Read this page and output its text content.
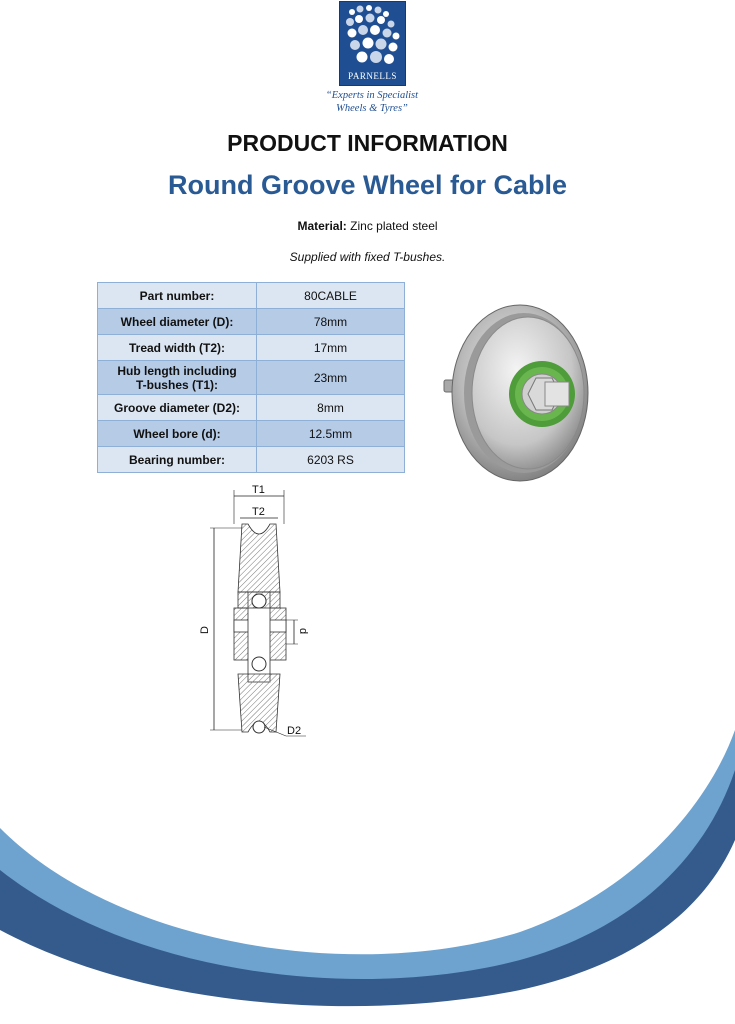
PARNELLS
“Experts in Specialist
Wheels & Tyres”
PRODUCT INFORMATION
Round Groove Wheel for Cable
Material: Zinc plated steel
Supplied with fixed T-bushes.
Part number:	80CABLE
Wheel diameter (D):	78mm
Tread width (T2):	17mm
Hub length including
T-bushes (T1):	23mm
Groove diameter (D2):	8mm
Wheel bore (d):	12.5mm
Bearing number:	6203 RS
T1
T2
D	d
D2
